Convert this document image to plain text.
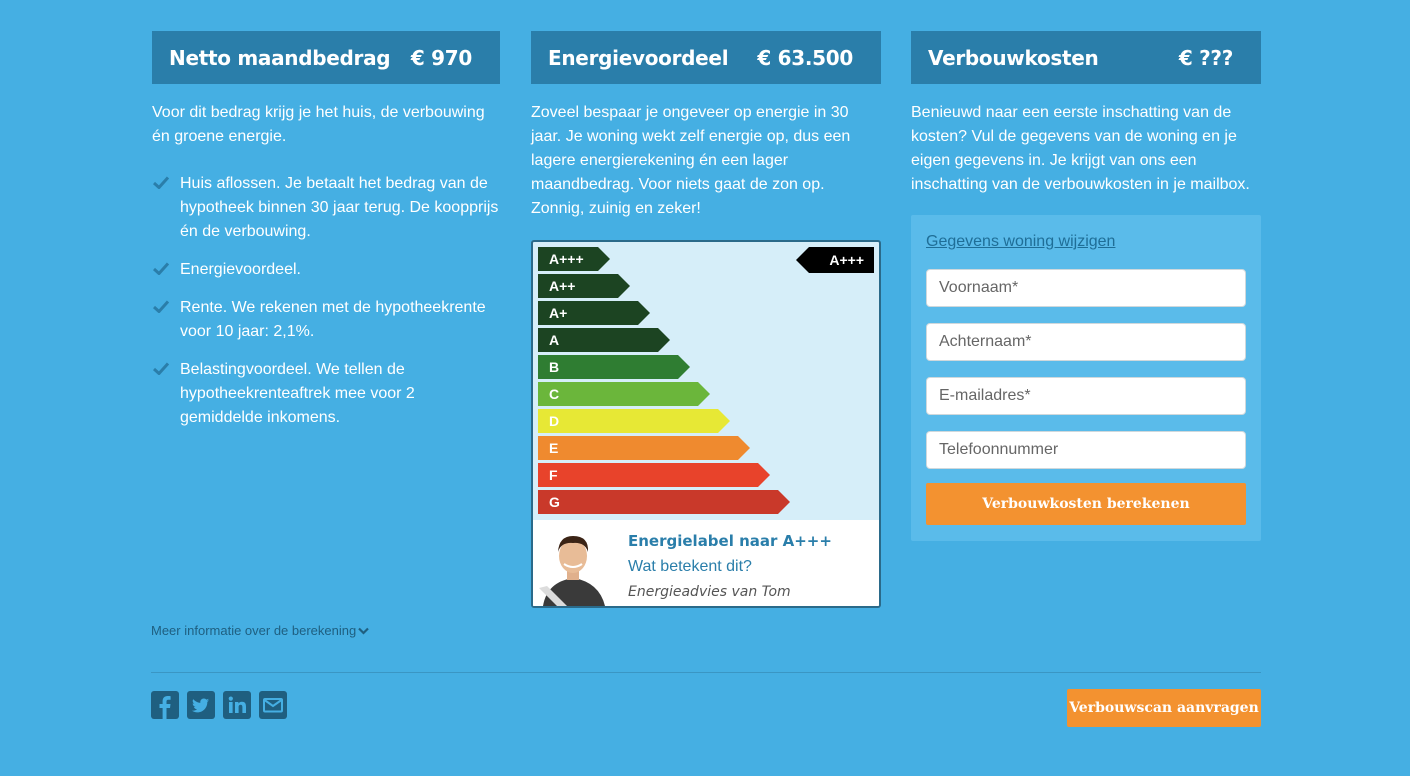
Netto maandbedrag € 970

Voor dit bedrag krijg je het huis, de verbouwing én groene energie.

Huis aflossen. Je betaalt het bedrag van de hypotheek binnen 30 jaar terug. De koopprijs én de verbouwing.
Energievoordeel.
Rente. We rekenen met de hypotheekrente voor 10 jaar: 2,1%.
Belastingvoordeel. We tellen de hypotheekrenteaftrek mee voor 2 gemiddelde inkomens.
Energievoordeel € 63.500

Zoveel bespaar je ongeveer op energie in 30 jaar. Je woning wekt zelf energie op, dus een lagere energierekening én een lager maandbedrag. Voor niets gaat de zon op. Zonnig, zuinig en zeker!

A+++
A++
A+
A
B
C
D
E
F
G
A+++
Energielabel naar A+++
Wat betekent dit?
Energieadvies van Tom
Verbouwkosten	€ ???

Benieuwd naar een eerste inschatting van de kosten? Vul de gegevens van de woning en je eigen gegevens in. Je krijgt van ons een inschatting van de verbouwkosten in je mailbox.

Gegevens woning wijzigen
Voornaam*
Achternaam*
E-mailadres*
Telefoonnummer Verbouwkosten berekenen
Meer informatie over de berekening
Verbouwscan aanvragen
